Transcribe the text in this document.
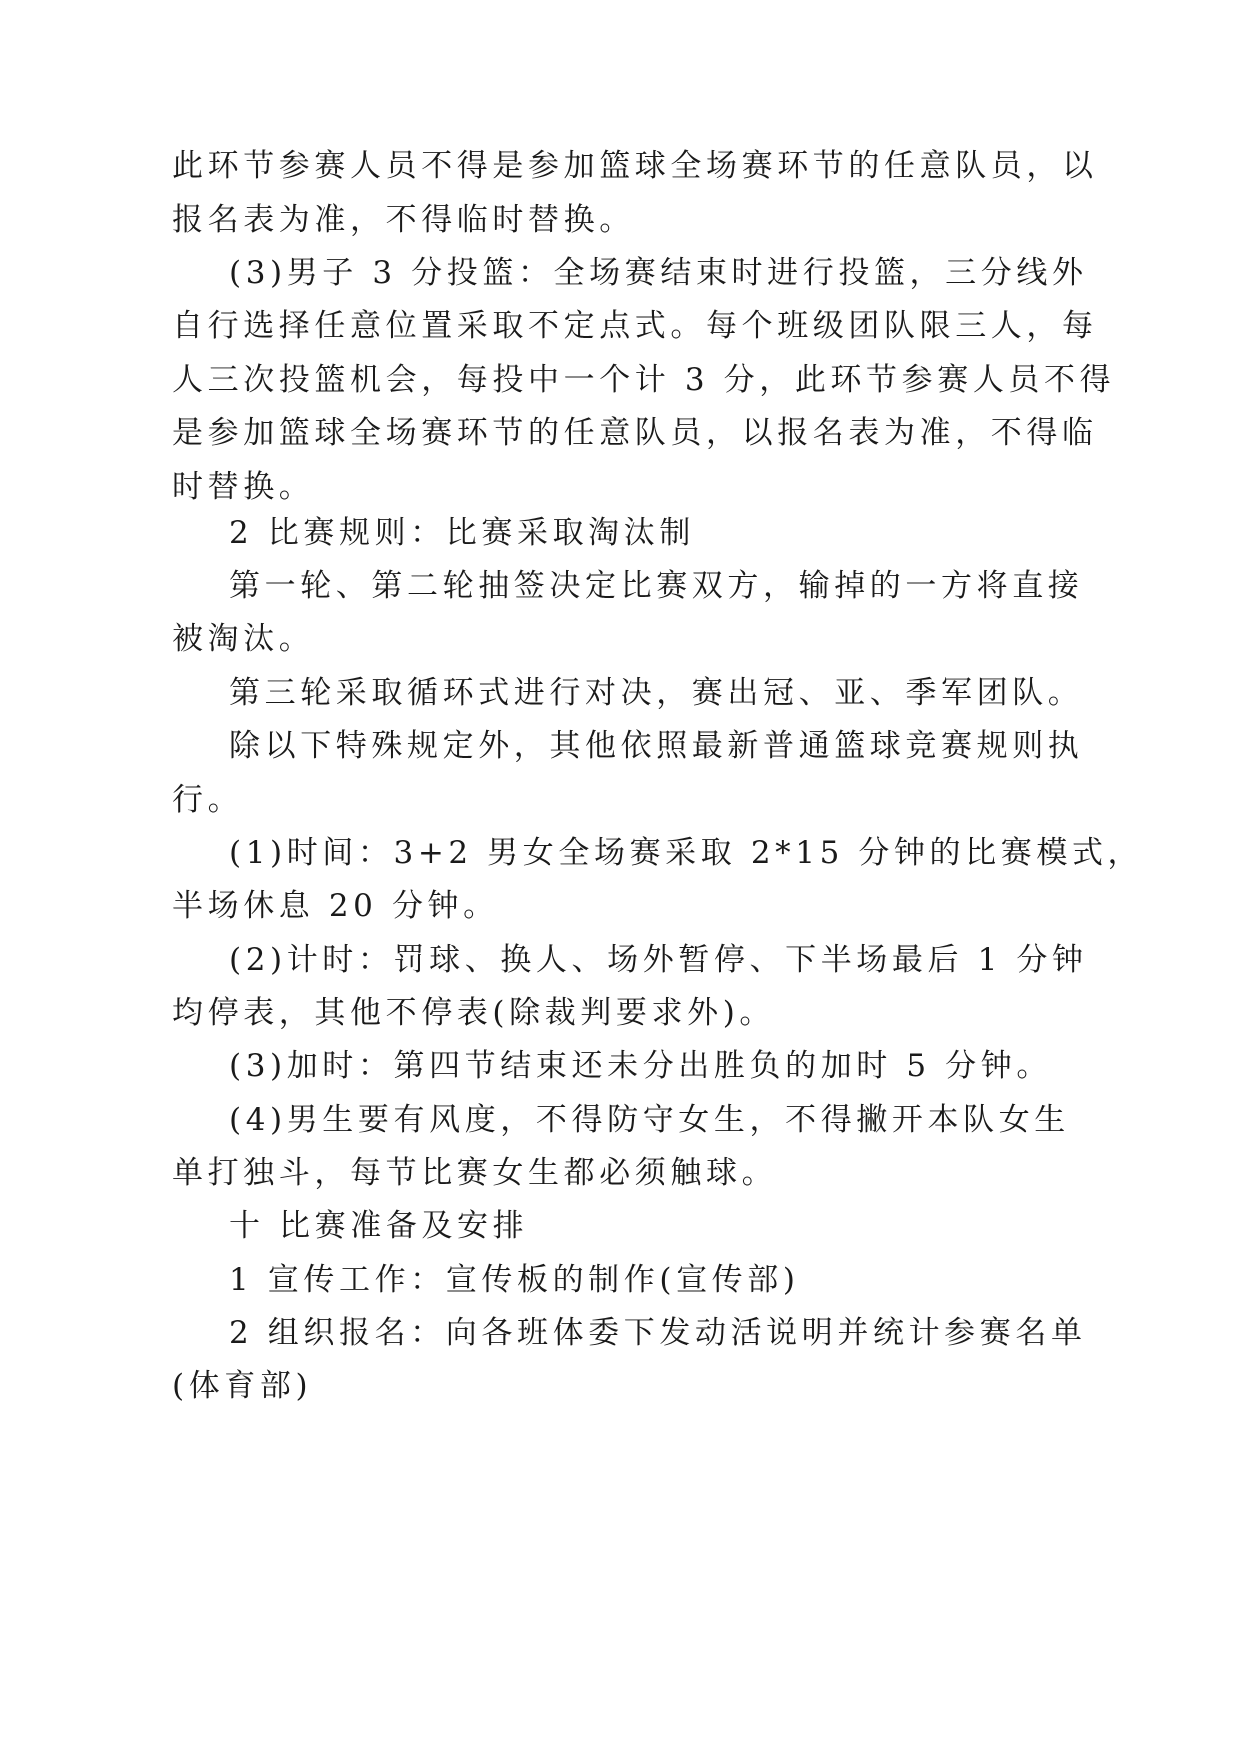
此环节参赛人员不得是参加篮球全场赛环节的任意队员，以
报名表为准，不得临时替换。
(3)男子 3 分投篮：全场赛结束时进行投篮，三分线外
自行选择任意位置采取不定点式。每个班级团队限三人，每
人三次投篮机会，每投中一个计 3 分，此环节参赛人员不得
是参加篮球全场赛环节的任意队员，以报名表为准，不得临
时替换。
2 比赛规则：比赛采取淘汰制
第一轮、第二轮抽签决定比赛双方，输掉的一方将直接
被淘汰。
第三轮采取循环式进行对决，赛出冠、亚、季军团队。
除以下特殊规定外，其他依照最新普通篮球竞赛规则执
行。
(1)时间：3+2 男女全场赛采取 2*15 分钟的比赛模式，
半场休息 20 分钟。
(2)计时：罚球、换人、场外暂停、下半场最后 1 分钟
均停表，其他不停表(除裁判要求外)。
(3)加时：第四节结束还未分出胜负的加时 5 分钟。
(4)男生要有风度，不得防守女生，不得撇开本队女生
单打独斗，每节比赛女生都必须触球。
十 比赛准备及安排
1 宣传工作：宣传板的制作(宣传部)
2 组织报名：向各班体委下发动活说明并统计参赛名单
(体育部)
